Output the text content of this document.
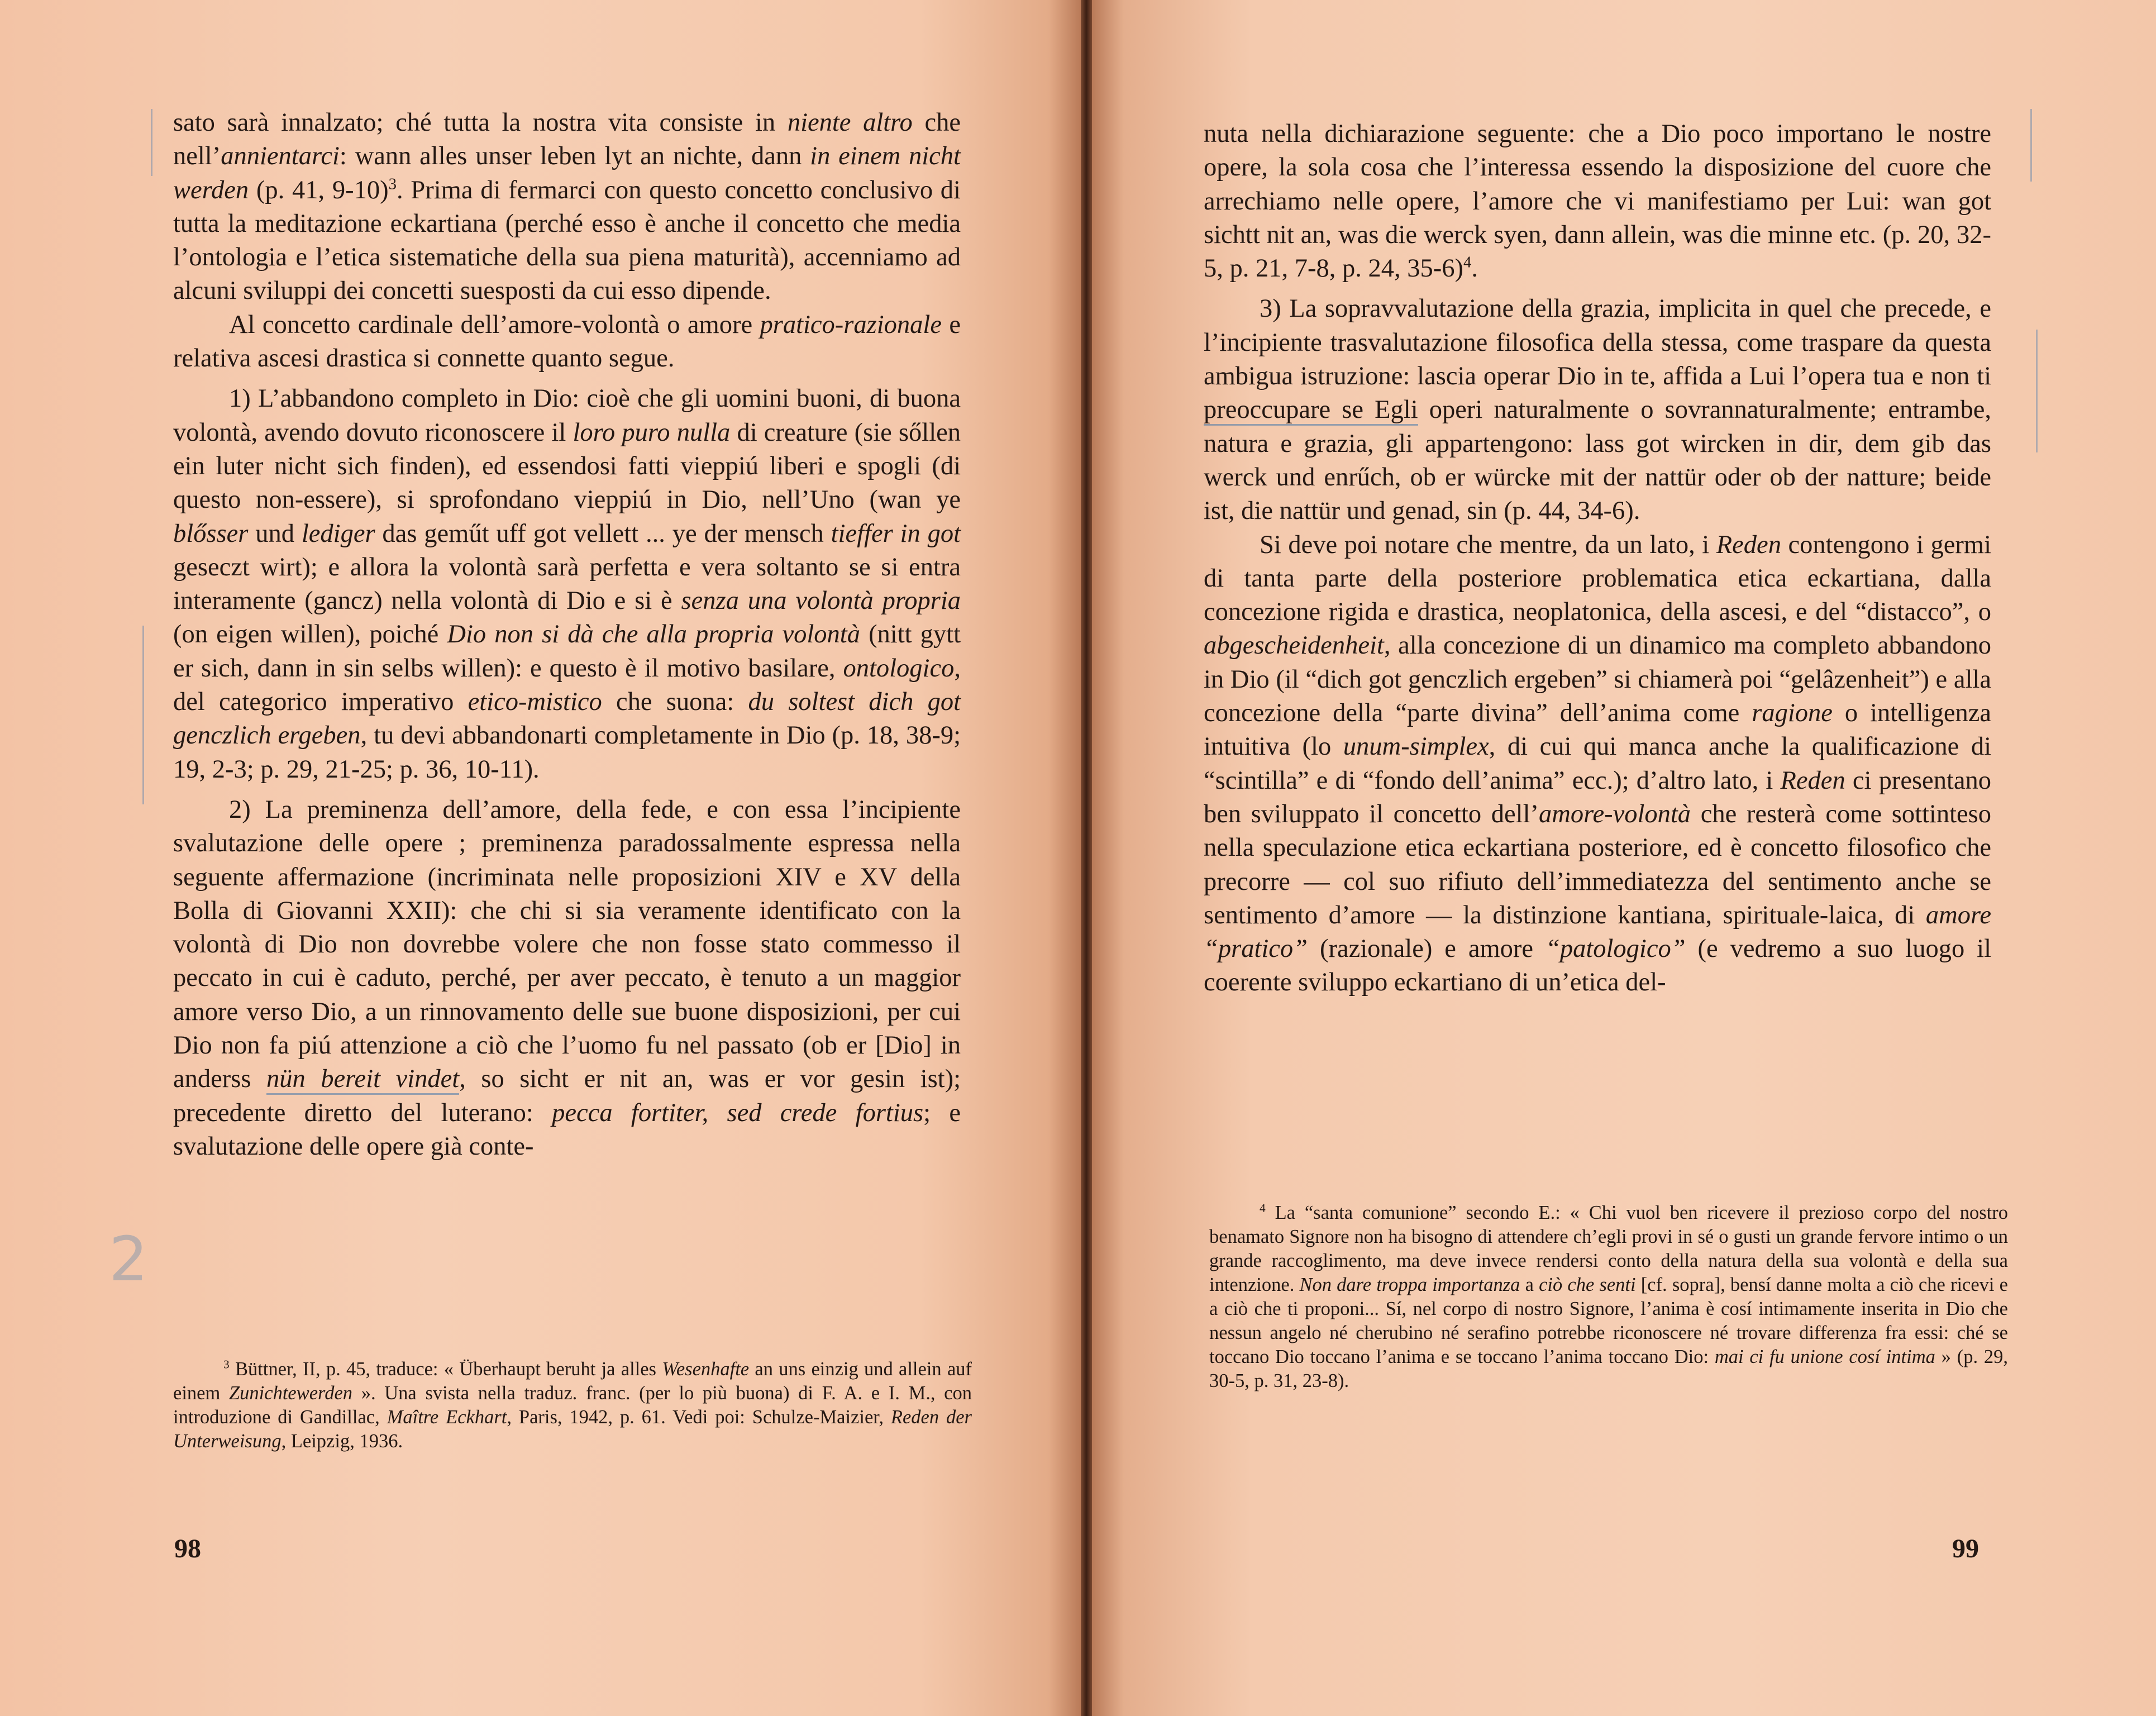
2

sato sarà innalzato; ché tutta la nostra vita consiste in niente altro che nell’annientarci: wann alles unser leben lyt an nichte, dann in einem nicht werden (p. 41, 9-10)$^3$. Prima di fermarci con questo concetto conclusivo di tutta la meditazione eckartiana (perché esso è anche il concetto che media l’ontologia e l’etica sistematiche della sua piena maturità), accenniamo ad alcuni sviluppi dei concetti suesposti da cui esso dipende.

Al concetto cardinale dell’amore-volontà o amore pratico-razionale e relativa ascesi drastica si connette quanto segue.

1) L’abbandono completo in Dio: cioè che gli uomini buoni, di buona volontà, avendo dovuto riconoscere il loro puro nulla di creature (sie sőllen ein luter nicht sich finden), ed essendosi fatti vieppiú liberi e spogli (di questo non-essere), si sprofondano vieppiú in Dio, nell’Uno (wan ye blősser und lediger das geműt uff got vellett ... ye der mensch tieffer in got geseczt wirt); e allora la volontà sarà perfetta e vera soltanto se si entra interamente (gancz) nella volontà di Dio e si è senza una volontà propria (on eigen willen), poiché Dio non si dà che alla propria volontà (nitt gytt er sich, dann in sin selbs willen): e questo è il motivo basilare, ontologico, del categorico imperativo etico-mistico che suona: du soltest dich got genczlich ergeben, tu devi abbandonarti completamente in Dio (p. 18, 38-9; 19, 2-3; p. 29, 21-25; p. 36, 10-11).

2) La preminenza dell’amore, della fede, e con essa l’incipiente svalutazione delle opere ; preminenza paradossalmente espressa nella seguente affermazione (incriminata nelle proposizioni XIV e XV della Bolla di Giovanni XXII): che chi si sia veramente identificato con la volontà di Dio non dovrebbe volere che non fosse stato commesso il peccato in cui è caduto, perché, per aver peccato, è tenuto a un maggior amore verso Dio, a un rinnovamento delle sue buone disposizioni, per cui Dio non fa piú attenzione a ciò che l’uomo fu nel passato (ob er [Dio] in anderss nün bereit vindet, so sicht er nit an, was er vor gesin ist); precedente diretto del luterano: pecca fortiter, sed crede fortius; e svalutazione delle opere già conte-

$^3$ Büttner, II, p. 45, traduce: « Überhaupt beruht ja alles Wesenhafte an uns einzig und allein auf einem Zunichtewerden ». Una svista nella traduz. franc. (per lo più buona) di F. A. e I. M., con introduzione di Gandillac, Maître Eckhart, Paris, 1942, p. 61. Vedi poi: Schulze-Maizier, Reden der Unterweisung, Leipzig, 1936.

98

nuta nella dichiarazione seguente: che a Dio poco importano le nostre opere, la sola cosa che l’interessa essendo la disposizione del cuore che arrechiamo nelle opere, l’amore che vi manifestiamo per Lui: wan got sichtt nit an, was die werck syen, dann allein, was die minne etc. (p. 20, 32-5, p. 21, 7-8, p. 24, 35-6)$^4$.

3) La sopravvalutazione della grazia, implicita in quel che precede, e l’incipiente trasvalutazione filosofica della stessa, come traspare da questa ambigua istruzione: lascia operar Dio in te, affida a Lui l’opera tua e non ti preoccupare se Egli operi naturalmente o sovrannaturalmente; entrambe, natura e grazia, gli appartengono: lass got wircken in dir, dem gib das werck und enrűch, ob er würcke mit der nattür oder ob der natture; beide ist, die nattür und genad, sin (p. 44, 34-6).

Si deve poi notare che mentre, da un lato, i Reden contengono i germi di tanta parte della posteriore problematica etica eckartiana, dalla concezione rigida e drastica, neoplatonica, della ascesi, e del “distacco”, o abgescheidenheit, alla concezione di un dinamico ma completo abbandono in Dio (il “dich got genczlich ergeben” si chiamerà poi “gelâzenheit”) e alla concezione della “parte divina” dell’anima come ragione o intelligenza intuitiva (lo unum-simplex, di cui qui manca anche la qualificazione di “scintilla” e di “fondo dell’anima” ecc.); d’altro lato, i Reden ci presentano ben sviluppato il concetto dell’amore-volontà che resterà come sottinteso nella speculazione etica eckartiana posteriore, ed è concetto filosofico che precorre — col suo rifiuto dell’immediatezza del sentimento anche se sentimento d’amore — la distinzione kantiana, spirituale-laica, di amore “pratico” (razionale) e amore “patologico” (e vedremo a suo luogo il coerente sviluppo eckartiano di un’etica del-

$^4$ La “santa comunione” secondo E.: « Chi vuol ben ricevere il prezioso corpo del nostro benamato Signore non ha bisogno di attendere ch’egli provi in sé o gusti un grande fervore intimo o un grande raccoglimento, ma deve invece rendersi conto della natura della sua volontà e della sua intenzione. Non dare troppa importanza a ciò che senti [cf. sopra], bensí danne molta a ciò che ricevi e a ciò che ti proponi... Sí, nel corpo di nostro Signore, l’anima è cosí intimamente inserita in Dio che nessun angelo né cherubino né serafino potrebbe riconoscere né trovare differenza fra essi: ché se toccano Dio toccano l’anima e se toccano l’anima toccano Dio: mai ci fu unione cosí intima » (p. 29, 30-5, p. 31, 23-8).

99
